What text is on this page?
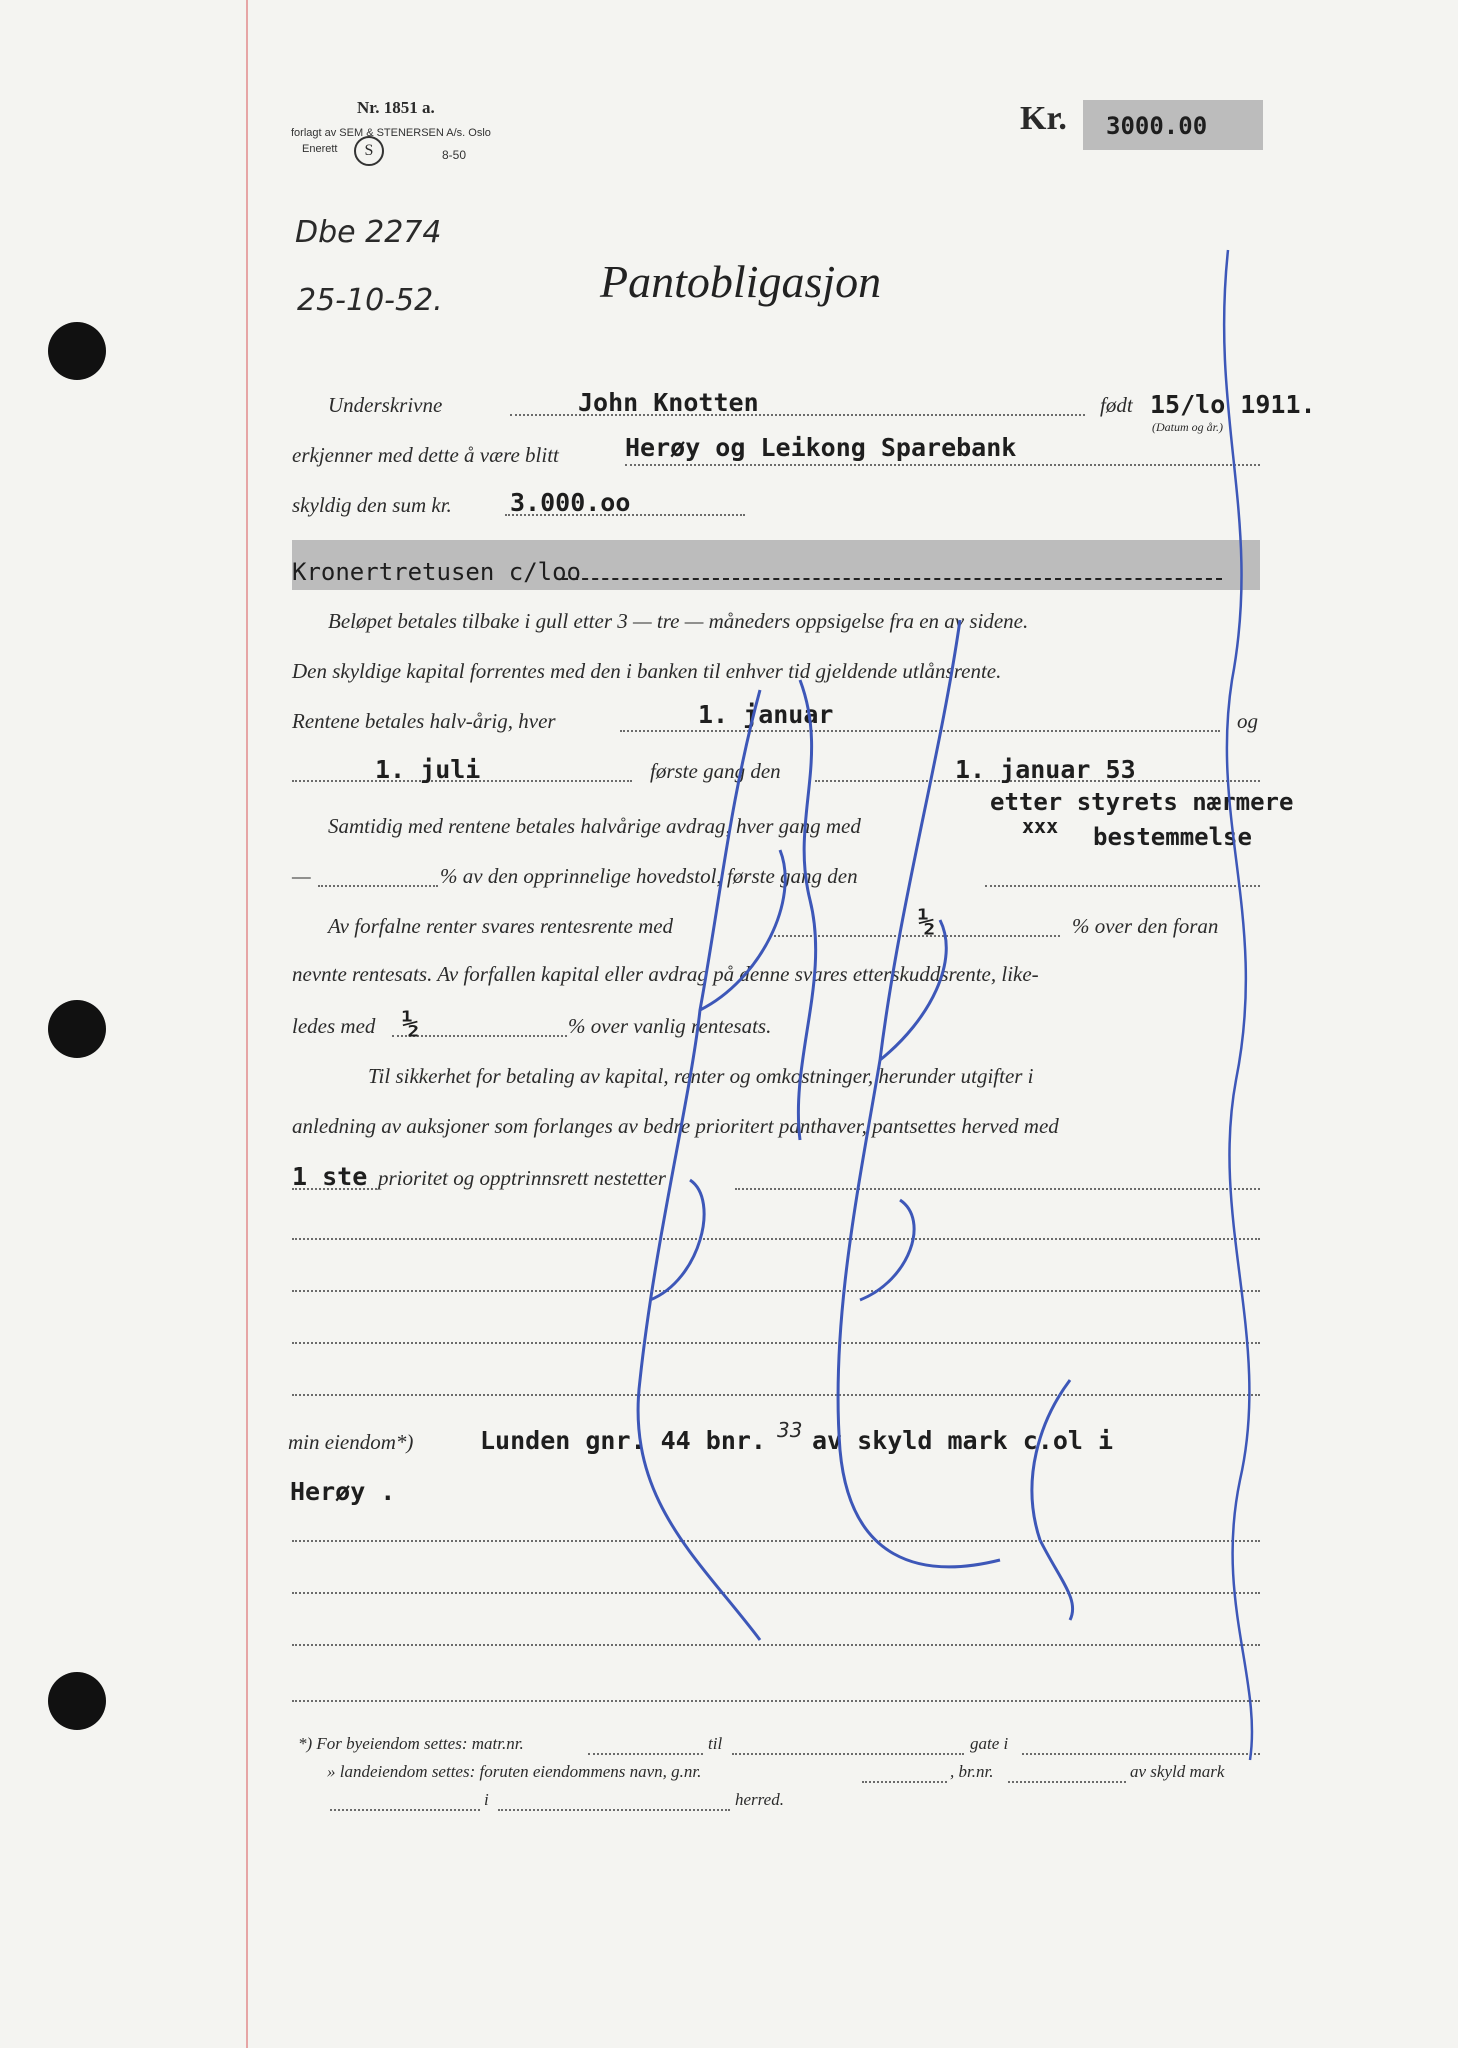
Nr. 1851 a.
forlagt av SEM & STENERSEN A/s. Oslo
Enerett	S	8-50
Kr. 3000.00
Dbe 2274
25-10-52.	Pantobligasjon
Underskrivne	John Knotten	født 15/lo 1911.
(Datum og år.)
erkjenner med dette å være blitt	Herøy og Leikong Sparebank
skyldig den sum kr. 3.000.oo
Kronertretusen c/loo
Beløpet betales tilbake i gull etter 3 — tre — måneders oppsigelse fra en av sidene.
Den skyldige kapital forrentes med den i banken til enhver tid gjeldende utlånsrente.
Rentene betales halv-årig, hver	1. januar	og
1. juli	første gang den	1. januar 53
etter styrets nærmere
Samtidig med rentene betales halvårige avdrag, hver gang med	xxx bestemmelse
—	% av den opprinnelige hovedstol, første gang den
Av forfalne renter svares rentesrente med	½	% over den foran
nevnte rentesats. Av forfallen kapital eller avdrag på denne svares etterskuddsrente, like-
ledes med ½	% over vanlig rentesats.
Til sikkerhet for betaling av kapital, renter og omkostninger, herunder utgifter i
anledning av auksjoner som forlanges av bedre prioritert panthaver, pantsettes herved med
1 ste prioritet og opptrinnsrett nestetter
min eiendom*)	Lunden gnr. 44 bnr. 33 av skyld mark c.ol i
Herøy .
*) For byeiendom settes: matr.nr.	til	gate i
» landeiendom settes: foruten eiendommens navn, g.nr.	, br.nr.	av skyld mark
i	herred.
